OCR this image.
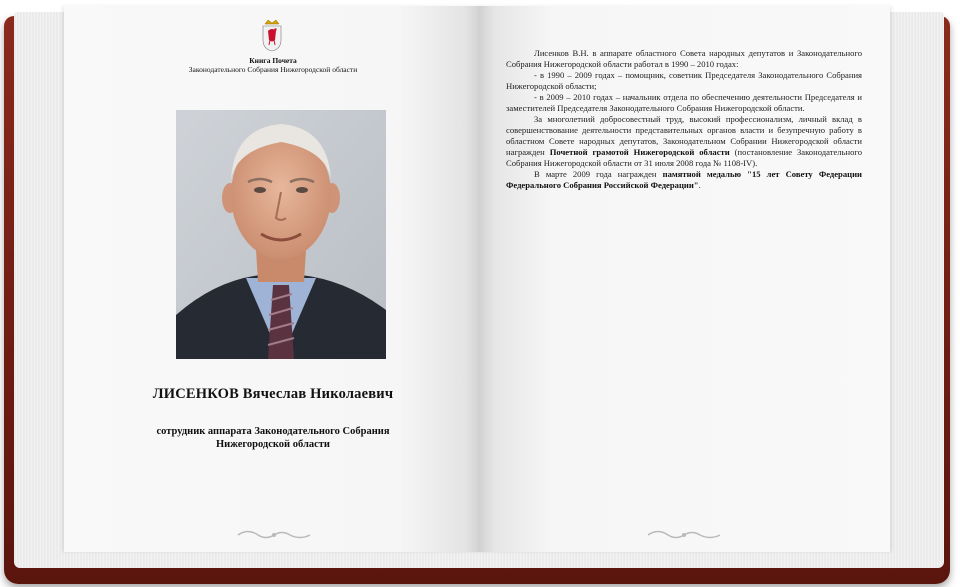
Книга Почета
Законодательного Собрания Нижегородской области
ЛИСЕНКОВ Вячеслав Николаевич
сотрудник аппарата Законодательного Собрания
Нижегородской области

Лисенков В.Н. в аппарате областного Совета народных депутатов и Законодательного Собрания Нижегородской области работал в 1990 – 2010 годах:

- в 1990 – 2009 годах – помощник, советник Председателя Законодательного Собрания Нижегородской области;

- в 2009 – 2010 годах – начальник отдела по обеспечению деятельности Председателя и заместителей Председателя Законодательного Собрания Нижегородской области.

За многолетний добросовестный труд, высокий профессионализм, личный вклад в совершенствование деятельности представительных органов власти и безупречную работу в областном Совете народных депутатов, Законодательном Собрании Нижегородской области награжден Почетной грамотой Нижегородской области (постановление Законодательного Собрания Нижегородской области от 31 июля 2008 года № 1108-IV).

В марте 2009 года награжден памятной медалью "15 лет Совету Федерации Федерального Собрания Российской Федерации".
